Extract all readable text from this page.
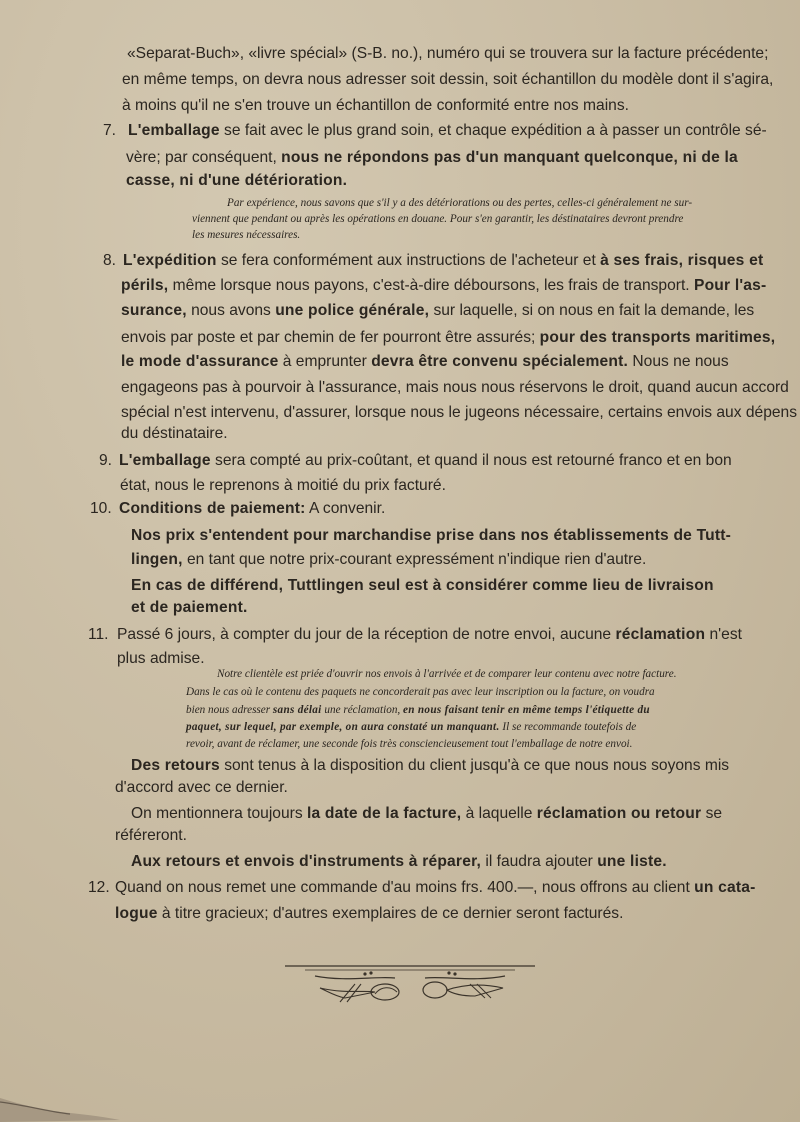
«Separat-Buch», «livre spécial» (S-B. no.), numéro qui se trouvera sur la facture précédente;
en même temps, on devra nous adresser soit dessin, soit échantillon du modèle dont il s'agira,
à moins qu'il ne s'en trouve un échantillon de conformité entre nos mains.
7. L'emballage se fait avec le plus grand soin, et chaque expédition a à passer un contrôle sé-
vère; par conséquent, nous ne répondons pas d'un manquant quelconque, ni de la
casse, ni d'une détérioration.
Par expérience, nous savons que s'il y a des détériorations ou des pertes, celles-ci généralement ne sur-
viennent que pendant ou après les opérations en douane. Pour s'en garantir, les déstinataires devront prendre
les mesures nécessaires.
8. L'expédition se fera conformément aux instructions de l'acheteur et à ses frais, risques et
périls, même lorsque nous payons, c'est-à-dire déboursons, les frais de transport. Pour l'as-
surance, nous avons une police générale, sur laquelle, si on nous en fait la demande, les
envois par poste et par chemin de fer pourront être assurés; pour des transports maritimes,
le mode d'assurance à emprunter devra être convenu spécialement. Nous ne nous
engageons pas à pourvoir à l'assurance, mais nous nous réservons le droit, quand aucun accord
spécial n'est intervenu, d'assurer, lorsque nous le jugeons nécessaire, certains envois aux dépens
du déstinataire.
9. L'emballage sera compté au prix-coûtant, et quand il nous est retourné franco et en bon
état, nous le reprenons à moitié du prix facturé.
10. Conditions de paiement: A convenir.
Nos prix s'entendent pour marchandise prise dans nos établissements de Tutt-
lingen, en tant que notre prix-courant expressément n'indique rien d'autre.
En cas de différend, Tuttlingen seul est à considérer comme lieu de livraison
et de paiement.
11. Passé 6 jours, à compter du jour de la réception de notre envoi, aucune réclamation n'est
plus admise.
Notre clientèle est priée d'ouvrir nos envois à l'arrivée et de comparer leur contenu avec notre facture.
Dans le cas où le contenu des paquets ne concorderait pas avec leur inscription ou la facture, on voudra
bien nous adresser sans délai une réclamation, en nous faisant tenir en même temps l'étiquette du
paquet, sur lequel, par exemple, on aura constaté un manquant. Il se recommande toutefois de
revoir, avant de réclamer, une seconde fois très consciencieusement tout l'emballage de notre envoi.
Des retours sont tenus à la disposition du client jusqu'à ce que nous nous soyons mis
d'accord avec ce dernier.
On mentionnera toujours la date de la facture, à laquelle réclamation ou retour se
référeront.
Aux retours et envois d'instruments à réparer, il faudra ajouter une liste.
12. Quand on nous remet une commande d'au moins frs. 400.—, nous offrons au client un cata-
logue à titre gracieux; d'autres exemplaires de ce dernier seront facturés.
